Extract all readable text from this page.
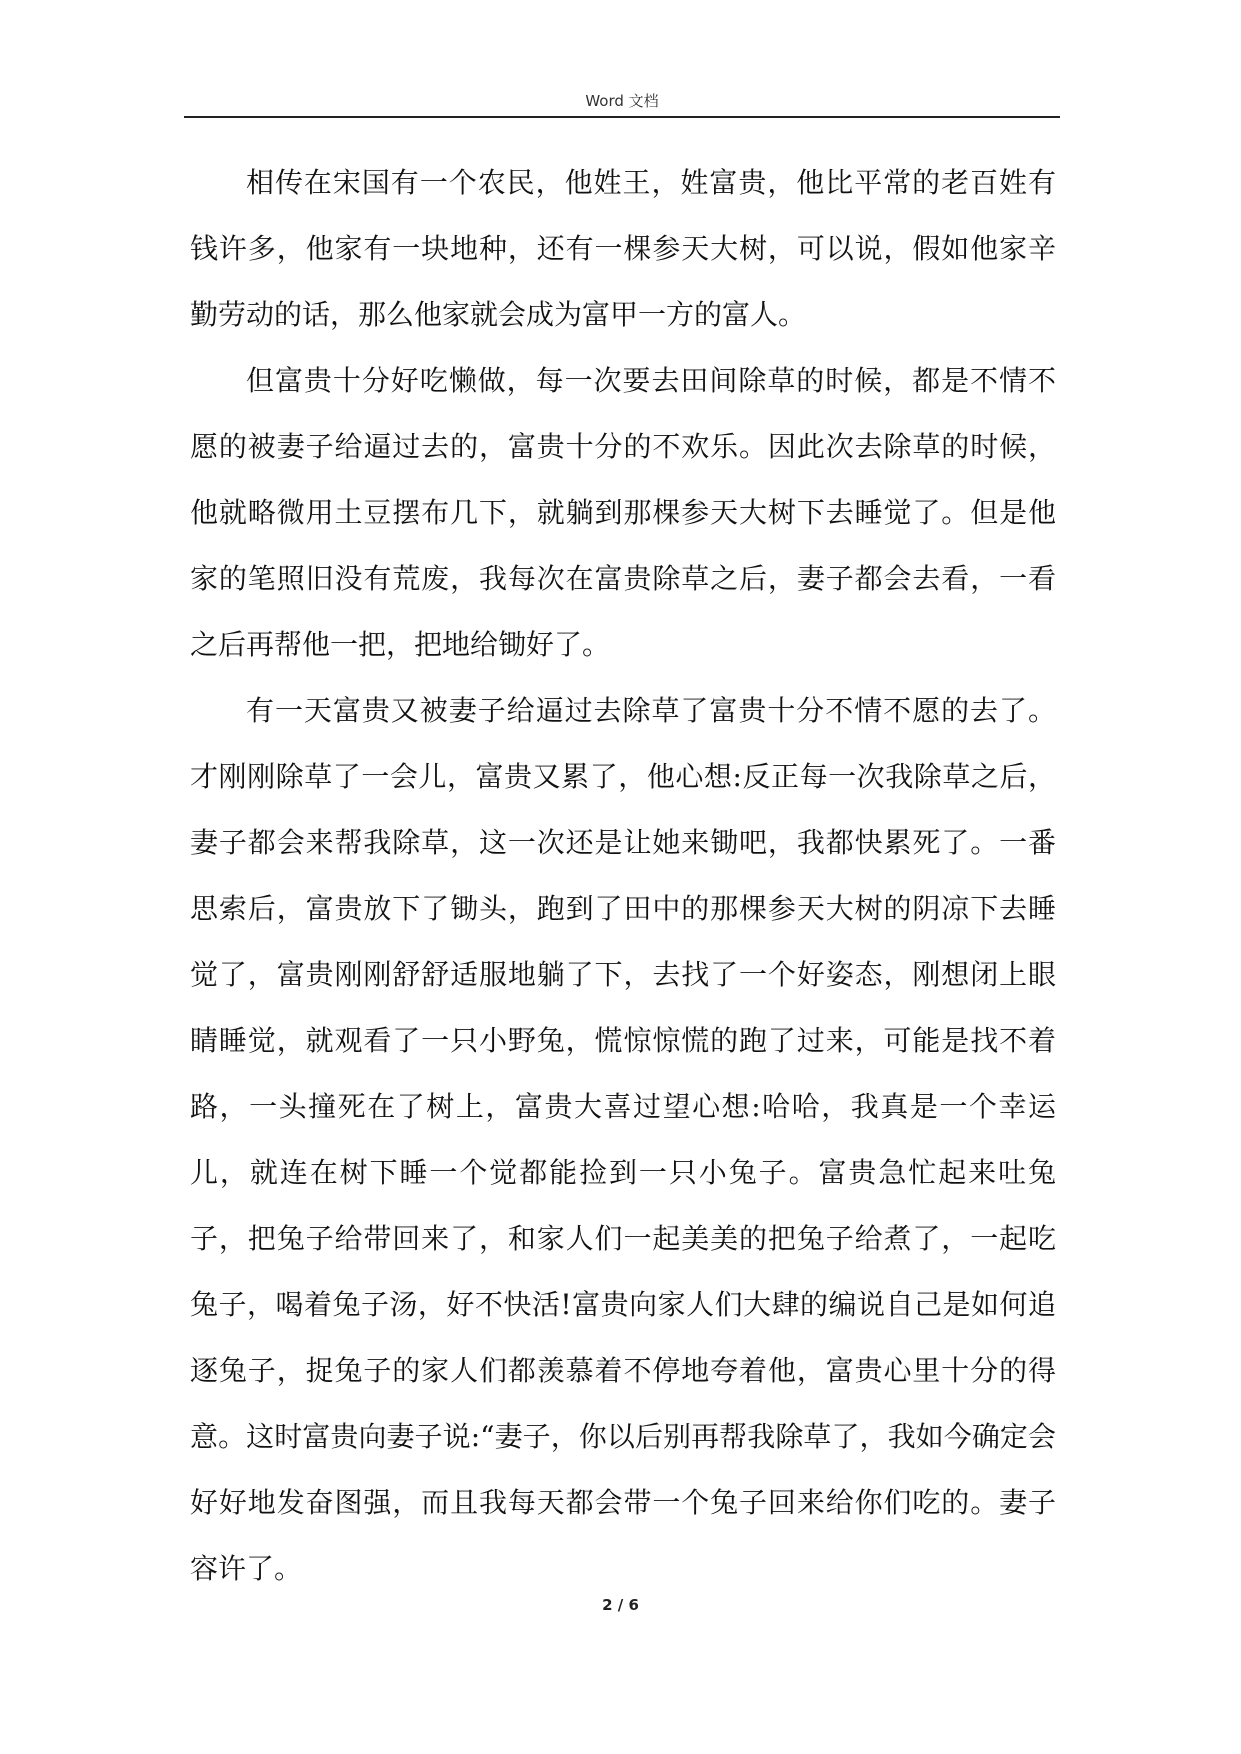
Word 文档

相传在宋国有一个农民，他姓王，姓富贵，他比平常的老百姓有钱许多，他家有一块地种，还有一棵参天大树，可以说，假如他家辛勤劳动的话，那么他家就会成为富甲一方的富人。

但富贵十分好吃懒做，每一次要去田间除草的时候，都是不情不愿的被妻子给逼过去的，富贵十分的不欢乐。因此次去除草的时候，他就略微用土豆摆布几下，就躺到那棵参天大树下去睡觉了。但是他家的笔照旧没有荒废，我每次在富贵除草之后，妻子都会去看，一看之后再帮他一把，把地给锄好了。

有一天富贵又被妻子给逼过去除草了富贵十分不情不愿的去了。才刚刚除草了一会儿，富贵又累了，他心想:反正每一次我除草之后，妻子都会来帮我除草，这一次还是让她来锄吧，我都快累死了。一番思索后，富贵放下了锄头，跑到了田中的那棵参天大树的阴凉下去睡觉了，富贵刚刚舒舒适服地躺了下，去找了一个好姿态，刚想闭上眼睛睡觉，就观看了一只小野兔，慌惊惊慌的跑了过来，可能是找不着路，一头撞死在了树上，富贵大喜过望心想:哈哈，我真是一个幸运儿，就连在树下睡一个觉都能捡到一只小兔子。富贵急忙起来吐兔子，把兔子给带回来了，和家人们一起美美的把兔子给煮了，一起吃兔子，喝着兔子汤，好不快活!富贵向家人们大肆的编说自己是如何追逐兔子，捉兔子的家人们都羡慕着不停地夸着他，富贵心里十分的得意。这时富贵向妻子说:“妻子，你以后别再帮我除草了，我如今确定会好好地发奋图强，而且我每天都会带一个兔子回来给你们吃的。妻子容许了。

2 / 6
